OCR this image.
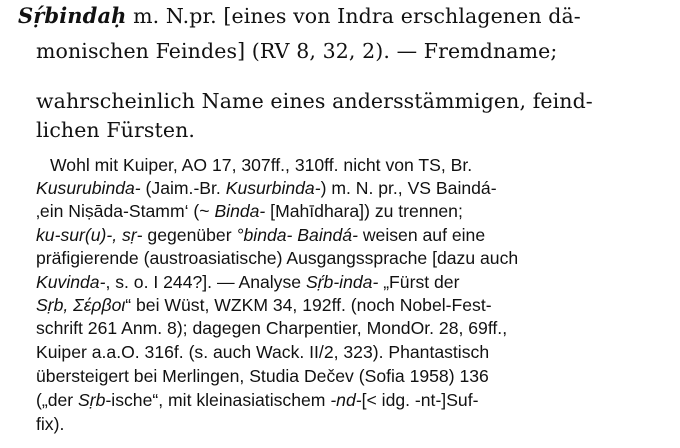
Sṛ́bindaḥ m. N.pr. [eines von Indra erschlagenen dä-
monischen Feindes] (RV 8, 32, 2). — Fremdname;
wahrscheinlich Name eines andersstämmigen, feind-
lichen Fürsten.
Wohl mit Kuiper, AO 17, 307ff., 310ff. nicht von TS, Br.
Kusurubinda- (Jaim.-Br. Kusurbinda-) m. N. pr., VS Baindá-
‚ein Niṣāda-Stamm‘ (~ Binda- [Mahīdhara]) zu trennen;
ku-sur(u)-, sṛ- gegenüber °binda- Baindá- weisen auf eine
präfigierende (austroasiatische) Ausgangssprache [dazu auch
Kuvinda-, s. o. I 244?]. — Analyse Sṛ́b-inda- „Fürst der
Sṛb, Σέρβοι“ bei Wüst, WZKM 34, 192ff. (noch Nobel-Fest-
schrift 261 Anm. 8); dagegen Charpentier, MondOr. 28, 69ff.,
Kuiper a.a.O. 316f. (s. auch Wack. II/2, 323). Phantastisch
übersteigert bei Merlingen, Studia Dečev (Sofia 1958) 136
(„der Sṛb-ische“, mit kleinasiatischem -nd-[< idg. -nt-]Suf-
fix).
